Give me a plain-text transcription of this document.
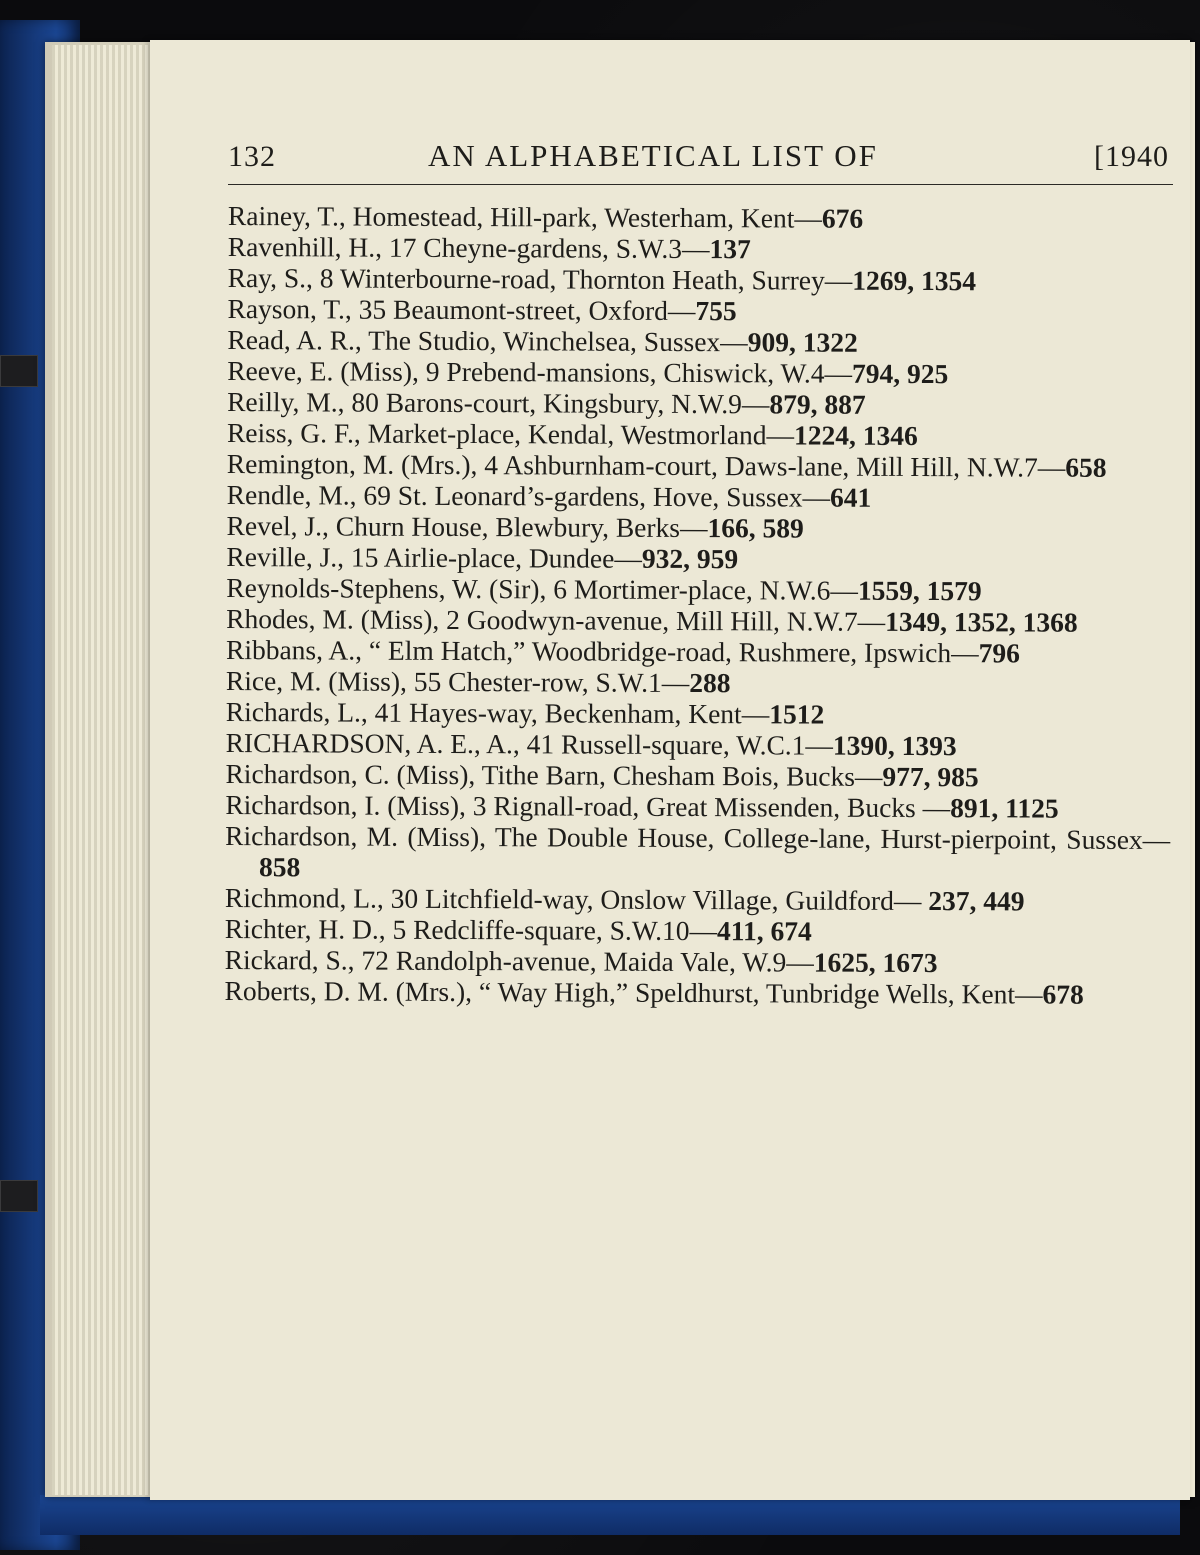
132	AN ALPHABETICAL LIST OF	[1940

Rainey, T., Homestead, Hill-park, Westerham, Kent—676

Ravenhill, H., 17 Cheyne-gardens, S.W.3—137

Ray, S., 8 Winterbourne-road, Thornton Heath, Surrey—1269, 1354

Rayson, T., 35 Beaumont-street, Oxford—755

Read, A. R., The Studio, Winchelsea, Sussex—909, 1322

Reeve, E. (Miss), 9 Prebend-mansions, Chiswick, W.4—794, 925

Reilly, M., 80 Barons-court, Kingsbury, N.W.9—879, 887

Reiss, G. F., Market-place, Kendal, Westmorland—1224, 1346

Remington, M. (Mrs.), 4 Ashburnham-court, Daws-lane, Mill Hill, N.W.7—658

Rendle, M., 69 St. Leonard’s-gardens, Hove, Sussex—641

Revel, J., Churn House, Blewbury, Berks—166, 589

Reville, J., 15 Airlie-place, Dundee—932, 959

Reynolds-Stephens, W. (Sir), 6 Mortimer-place, N.W.6—1559, 1579

Rhodes, M. (Miss), 2 Goodwyn-avenue, Mill Hill, N.W.7—1349, 1352, 1368

Ribbans, A., “ Elm Hatch,” Woodbridge-road, Rushmere, Ipswich—796

Rice, M. (Miss), 55 Chester-row, S.W.1—288

Richards, L., 41 Hayes-way, Beckenham, Kent—1512

RICHARDSON, A. E., A., 41 Russell-square, W.C.1—1390, 1393

Richardson, C. (Miss), Tithe Barn, Chesham Bois, Bucks—977, 985

Richardson, I. (Miss), 3 Rignall-road, Great Missenden, Bucks —891, 1125

Richardson, M. (Miss), The Double House, College-lane, Hurst-pierpoint, Sussex—858

Richmond, L., 30 Litchfield-way, Onslow Village, Guildford— 237, 449

Richter, H. D., 5 Redcliffe-square, S.W.10—411, 674

Rickard, S., 72 Randolph-avenue, Maida Vale, W.9—1625, 1673

Roberts, D. M. (Mrs.), “ Way High,” Speldhurst, Tunbridge Wells, Kent—678
